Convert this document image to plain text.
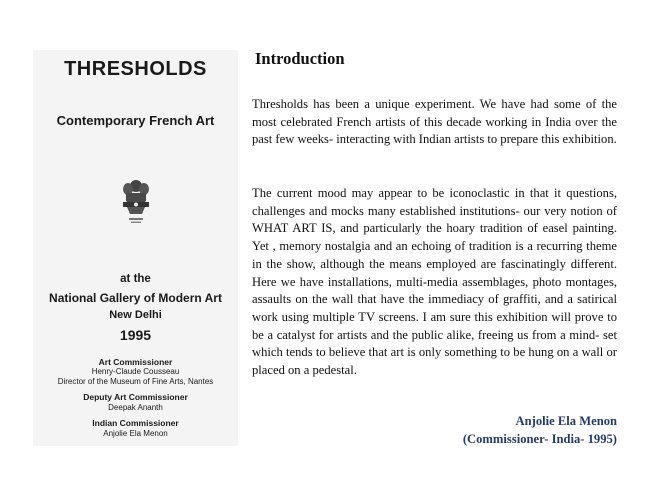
THRESHOLDS
Contemporary French Art
at the
National Gallery of Modern Art
New Delhi
1995
Art Commissioner
Henry-Claude Cousseau
Director of the Museum of Fine Arts, Nantes
Deputy Art Commissioner
Deepak Ananth
Indian Commissioner
Anjolie Ela Menon
Introduction

Thresholds has been a unique experiment. We have had some of the most celebrated French artists of this decade working in India over the past few weeks- interacting with Indian artists to prepare this exhibition.

The current mood may appear to be iconoclastic in that it questions, challenges and mocks many established institutions- our very notion of WHAT ART IS, and particularly the hoary tradition of easel painting. Yet , memory nostalgia and an echoing of tradition is a recurring theme in the show, although the means employed are fascinatingly different. Here we have installations, multi-media assemblages, photo montages, assaults on the wall that have the immediacy of graffiti, and a satirical work using multiple TV screens. I am sure this exhibition will prove to be a catalyst for artists and the public alike, freeing us from a mind- set which tends to believe that art is only something to be hung on a wall or placed on a pedestal.

Anjolie Ela Menon
(Commissioner- India- 1995)
